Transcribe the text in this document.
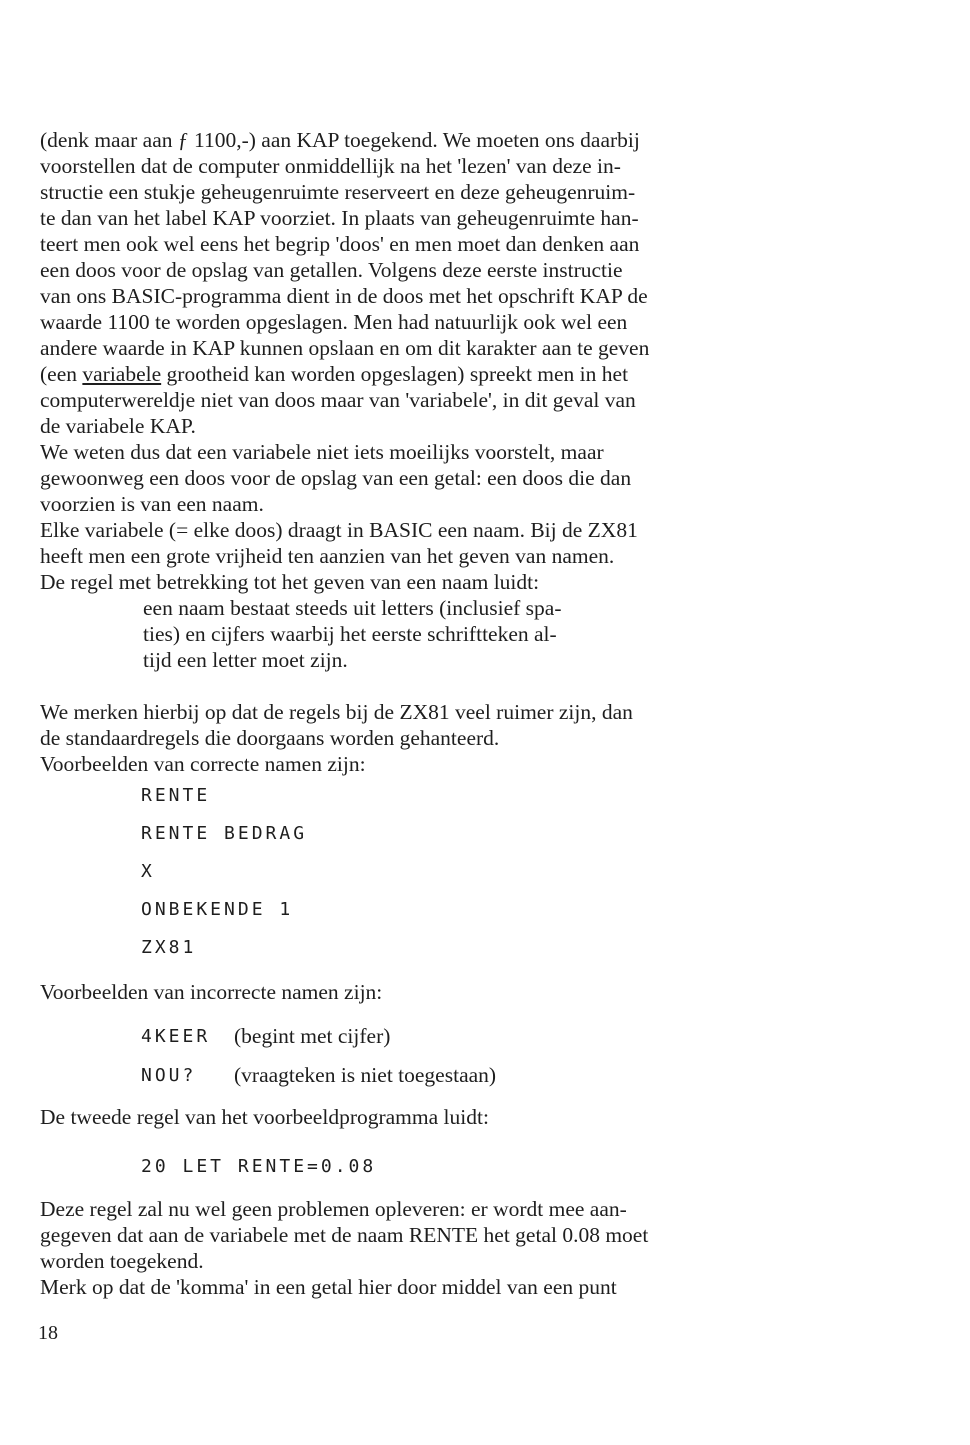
(denk maar aan ƒ 1100,-) aan KAP toegekend. We moeten ons daarbij
voorstellen dat de computer onmiddellijk na het 'lezen' van deze in-
structie een stukje geheugenruimte reserveert en deze geheugenruim-
te dan van het label KAP voorziet. In plaats van geheugenruimte han-
teert men ook wel eens het begrip 'doos' en men moet dan denken aan
een doos voor de opslag van getallen. Volgens deze eerste instructie
van ons BASIC-programma dient in de doos met het opschrift KAP de
waarde 1100 te worden opgeslagen. Men had natuurlijk ook wel een
andere waarde in KAP kunnen opslaan en om dit karakter aan te geven
(een variabele grootheid kan worden opgeslagen) spreekt men in het
computerwereldje niet van doos maar van 'variabele', in dit geval van
de variabele KAP.
We weten dus dat een variabele niet iets moeilijks voorstelt, maar
gewoonweg een doos voor de opslag van een getal: een doos die dan
voorzien is van een naam.
Elke variabele (= elke doos) draagt in BASIC een naam. Bij de ZX81
heeft men een grote vrijheid ten aanzien van het geven van namen.
De regel met betrekking tot het geven van een naam luidt:
een naam bestaat steeds uit letters (inclusief spa-
ties) en cijfers waarbij het eerste schriftteken al-
tijd een letter moet zijn.
We merken hierbij op dat de regels bij de ZX81 veel ruimer zijn, dan
de standaardregels die doorgaans worden gehanteerd.
Voorbeelden van correcte namen zijn:
RENTE
RENTE BEDRAG
X
ONBEKENDE 1
ZX81
Voorbeelden van incorrecte namen zijn:
4KEER (begint met cijfer)
NOU? (vraagteken is niet toegestaan)
De tweede regel van het voorbeeldprogramma luidt:
20 LET RENTE=0.08
Deze regel zal nu wel geen problemen opleveren: er wordt mee aan-
gegeven dat aan de variabele met de naam RENTE het getal 0.08 moet
worden toegekend.
Merk op dat de 'komma' in een getal hier door middel van een punt
18
